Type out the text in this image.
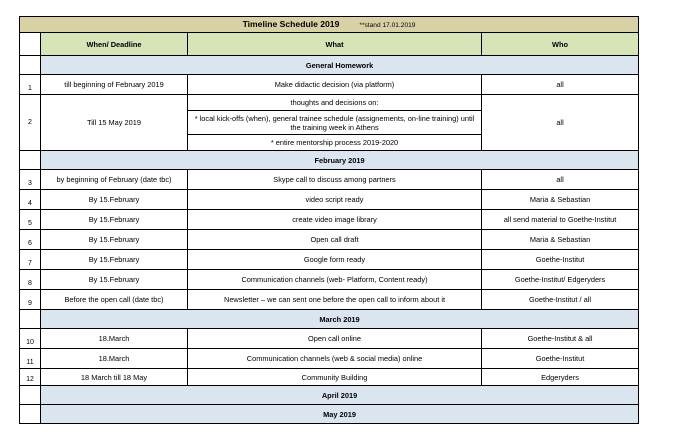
Timeline Schedule 2019 **stand 17.01.2019			
	When/ Deadline	What	Who
	General Homework		
1	till beginning of February 2019	Make didactic decision (via platform)	all
2	Till 15 May 2019	thoughts and decisions on:	all
		* local kick-offs (when), general trainee schedule (assignements, on-line training) until the training week in Athens	
		* entire mentorship process 2019-2020	
	February 2019		
3	by beginning of February (date tbc)	Skype call to discuss among partners	all
4	By 15.February	video script ready	Maria & Sebastian
5	By 15.February	create video image library	all send material to Goethe-Institut
6	By 15.February	Open call draft	Maria & Sebastian
7	By 15.February	Google form ready	Goethe-Institut
8	By 15.February	Communication channels (web- Platform, Content ready)	Goethe-Institut/ Edgeryders
9	Before the open call (date tbc)	Newsletter – we can sent one before the open call to inform about it	Goethe-Institut / all
	March 2019		
10	18.March	Open call online	Goethe-Institut & all
11	18.March	Communication channels (web & social media) online	Goethe-Institut
12	18 March till 18 May	Community Building	Edgeryders
	April 2019		
	May 2019		
